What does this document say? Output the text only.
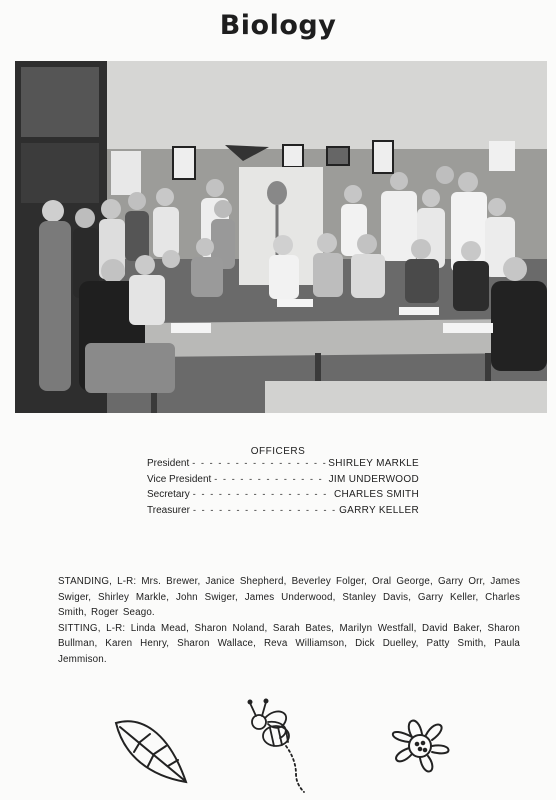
Biology
OFFICERS
President - - -	SHIRLEY MARKLE
Vice President - - -	JIM UNDERWOOD
Secretary - - -	CHARLES SMITH
Treasurer - - -	GARRY KELLER

STANDING, L-R: Mrs. Brewer, Janice Shepherd, Beverley Folger, Oral George, Garry Orr, James Swiger, Shirley Markle, John Swiger, James Underwood, Stanley Davis, Garry Keller, Charles Smith, Roger Seago.

SITTING, L-R: Linda Mead, Sharon Noland, Sarah Bates, Marilyn Westfall, David Baker, Sharon Bullman, Karen Henry, Sharon Wallace, Reva Williamson, Dick Duelley, Patty Smith, Paula Jemmison.
